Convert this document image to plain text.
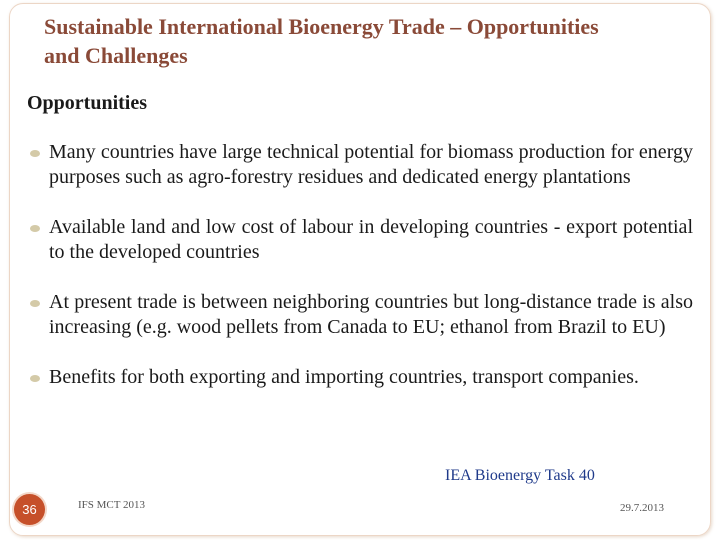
Sustainable International Bioenergy Trade – Opportunities
and Challenges
Opportunities
Many countries have large technical potential for biomass production for energy purposes such as agro-forestry residues and dedicated energy plantations
Available land and low cost of labour in developing countries - export potential to the developed countries
At present trade is between neighboring countries but long-distance trade is also increasing (e.g. wood pellets from Canada to EU; ethanol from Brazil to EU)
Benefits for both exporting and importing countries, transport companies.

IEA Bioenergy Task 40

36	IFS MCT 2013	29.7.2013
